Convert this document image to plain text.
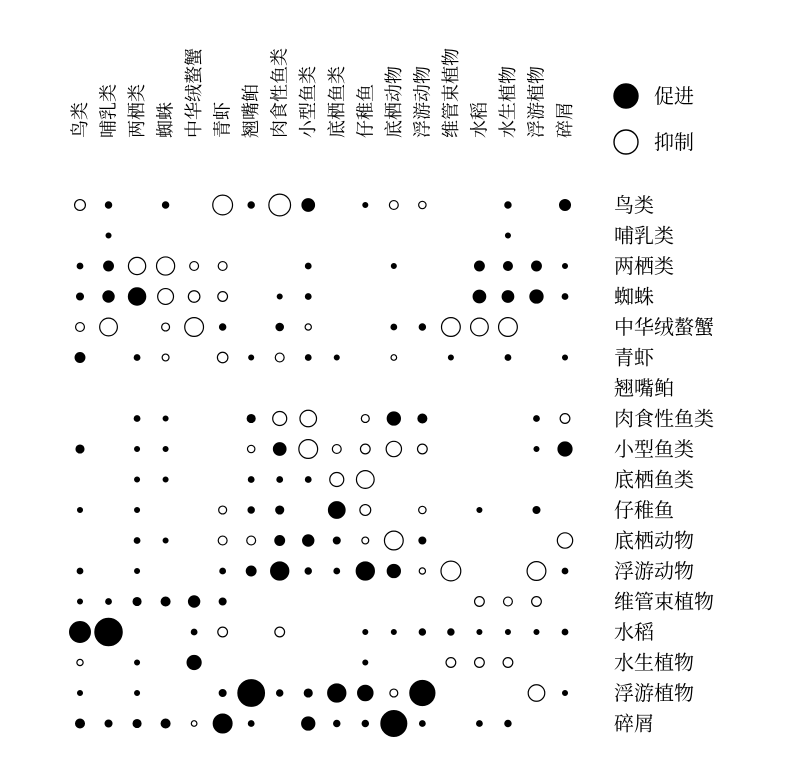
鸟类 哺乳类 两栖类 蜘蛛 中华绒螯蟹 青虾 翘嘴鲌 肉食性鱼类 小型鱼类 底栖鱼类 仔稚鱼 底栖动物 浮游动物 维管束植物 水稻 水生植物 浮游植物 碎屑
鸟类
哺乳类
两栖类
蜘蛛
中华绒螯蟹
青虾
翘嘴鲌
肉食性鱼类
小型鱼类
底栖鱼类
仔稚鱼
底栖动物
浮游动物
维管束植物
水稻
水生植物
浮游植物
碎屑
促进
抑制
